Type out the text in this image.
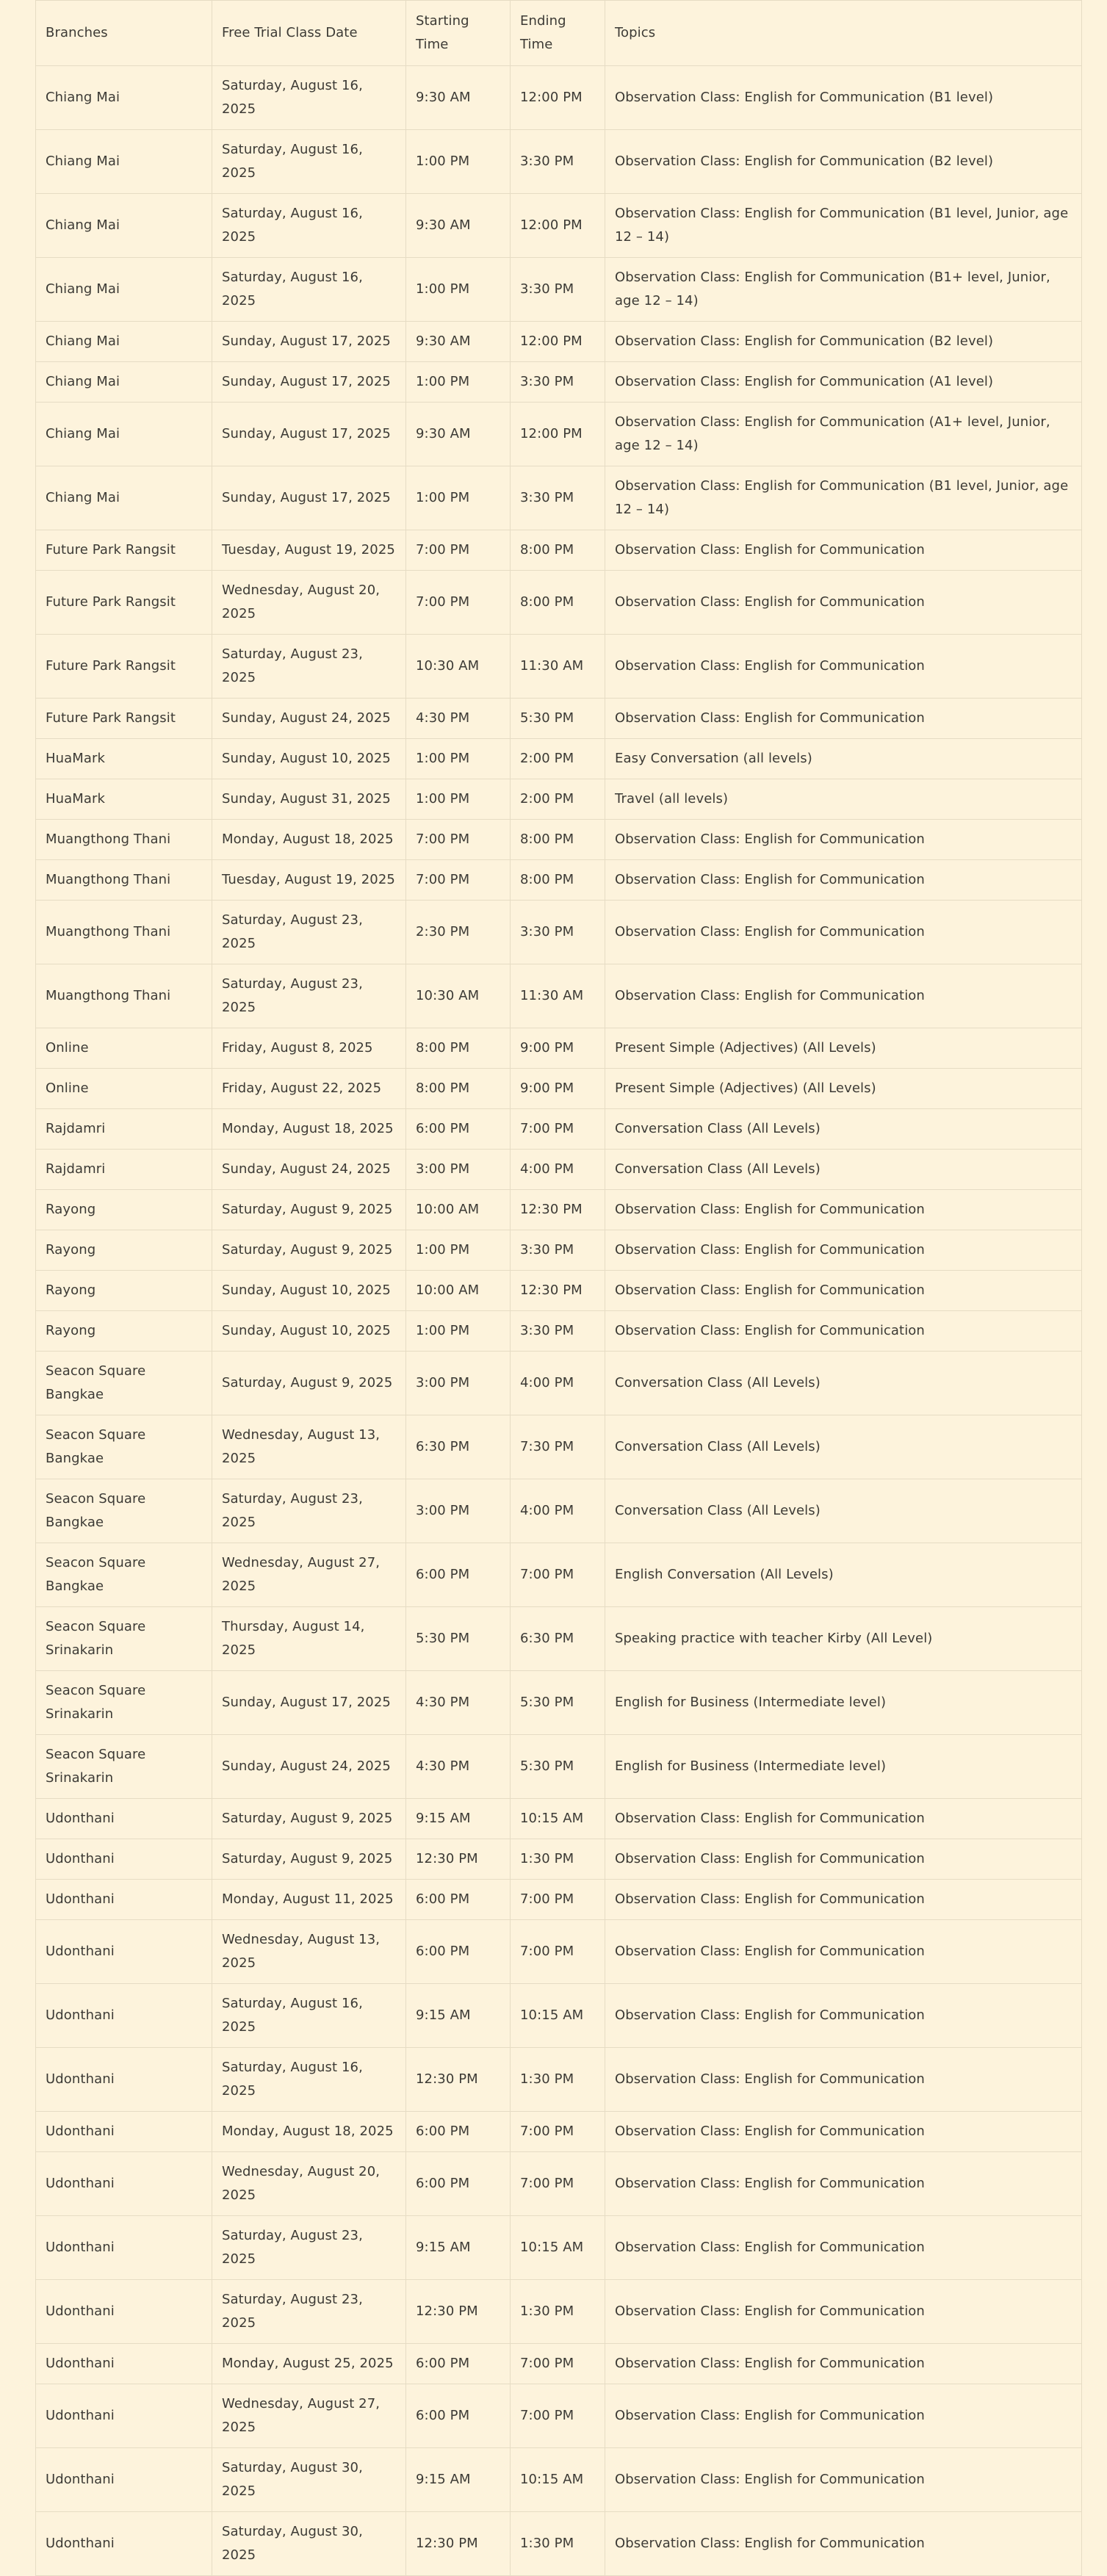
Branches	Free Trial Class Date	Starting Time	Ending Time	Topics
Chiang Mai	Saturday, August 16, 2025	9:30 AM	12:00 PM	Observation Class: English for Communication (B1 level)
Chiang Mai	Saturday, August 16, 2025	1:00 PM	3:30 PM	Observation Class: English for Communication (B2 level)
Chiang Mai	Saturday, August 16, 2025	9:30 AM	12:00 PM	Observation Class: English for Communication (B1 level, Junior, age 12 – 14)
Chiang Mai	Saturday, August 16, 2025	1:00 PM	3:30 PM	Observation Class: English for Communication (B1+ level, Junior, age 12 – 14)
Chiang Mai	Sunday, August 17, 2025	9:30 AM	12:00 PM	Observation Class: English for Communication (B2 level)
Chiang Mai	Sunday, August 17, 2025	1:00 PM	3:30 PM	Observation Class: English for Communication (A1 level)
Chiang Mai	Sunday, August 17, 2025	9:30 AM	12:00 PM	Observation Class: English for Communication (A1+ level, Junior, age 12 – 14)
Chiang Mai	Sunday, August 17, 2025	1:00 PM	3:30 PM	Observation Class: English for Communication (B1 level, Junior, age 12 – 14)
Future Park Rangsit	Tuesday, August 19, 2025	7:00 PM	8:00 PM	Observation Class: English for Communication
Future Park Rangsit	Wednesday, August 20, 2025	7:00 PM	8:00 PM	Observation Class: English for Communication
Future Park Rangsit	Saturday, August 23, 2025	10:30 AM	11:30 AM	Observation Class: English for Communication
Future Park Rangsit	Sunday, August 24, 2025	4:30 PM	5:30 PM	Observation Class: English for Communication
HuaMark	Sunday, August 10, 2025	1:00 PM	2:00 PM	Easy Conversation (all levels)
HuaMark	Sunday, August 31, 2025	1:00 PM	2:00 PM	Travel (all levels)
Muangthong Thani	Monday, August 18, 2025	7:00 PM	8:00 PM	Observation Class: English for Communication
Muangthong Thani	Tuesday, August 19, 2025	7:00 PM	8:00 PM	Observation Class: English for Communication
Muangthong Thani	Saturday, August 23, 2025	2:30 PM	3:30 PM	Observation Class: English for Communication
Muangthong Thani	Saturday, August 23, 2025	10:30 AM	11:30 AM	Observation Class: English for Communication
Online	Friday, August 8, 2025	8:00 PM	9:00 PM	Present Simple (Adjectives) (All Levels)
Online	Friday, August 22, 2025	8:00 PM	9:00 PM	Present Simple (Adjectives) (All Levels)
Rajdamri	Monday, August 18, 2025	6:00 PM	7:00 PM	Conversation Class (All Levels)
Rajdamri	Sunday, August 24, 2025	3:00 PM	4:00 PM	Conversation Class (All Levels)
Rayong	Saturday, August 9, 2025	10:00 AM	12:30 PM	Observation Class: English for Communication
Rayong	Saturday, August 9, 2025	1:00 PM	3:30 PM	Observation Class: English for Communication
Rayong	Sunday, August 10, 2025	10:00 AM	12:30 PM	Observation Class: English for Communication
Rayong	Sunday, August 10, 2025	1:00 PM	3:30 PM	Observation Class: English for Communication
Seacon Square Bangkae	Saturday, August 9, 2025	3:00 PM	4:00 PM	Conversation Class (All Levels)
Seacon Square Bangkae	Wednesday, August 13, 2025	6:30 PM	7:30 PM	Conversation Class (All Levels)
Seacon Square Bangkae	Saturday, August 23, 2025	3:00 PM	4:00 PM	Conversation Class (All Levels)
Seacon Square Bangkae	Wednesday, August 27, 2025	6:00 PM	7:00 PM	English Conversation (All Levels)
Seacon Square Srinakarin	Thursday, August 14, 2025	5:30 PM	6:30 PM	Speaking practice with teacher Kirby (All Level)
Seacon Square Srinakarin	Sunday, August 17, 2025	4:30 PM	5:30 PM	English for Business (Intermediate level)
Seacon Square Srinakarin	Sunday, August 24, 2025	4:30 PM	5:30 PM	English for Business (Intermediate level)
Udonthani	Saturday, August 9, 2025	9:15 AM	10:15 AM	Observation Class: English for Communication
Udonthani	Saturday, August 9, 2025	12:30 PM	1:30 PM	Observation Class: English for Communication
Udonthani	Monday, August 11, 2025	6:00 PM	7:00 PM	Observation Class: English for Communication
Udonthani	Wednesday, August 13, 2025	6:00 PM	7:00 PM	Observation Class: English for Communication
Udonthani	Saturday, August 16, 2025	9:15 AM	10:15 AM	Observation Class: English for Communication
Udonthani	Saturday, August 16, 2025	12:30 PM	1:30 PM	Observation Class: English for Communication
Udonthani	Monday, August 18, 2025	6:00 PM	7:00 PM	Observation Class: English for Communication
Udonthani	Wednesday, August 20, 2025	6:00 PM	7:00 PM	Observation Class: English for Communication
Udonthani	Saturday, August 23, 2025	9:15 AM	10:15 AM	Observation Class: English for Communication
Udonthani	Saturday, August 23, 2025	12:30 PM	1:30 PM	Observation Class: English for Communication
Udonthani	Monday, August 25, 2025	6:00 PM	7:00 PM	Observation Class: English for Communication
Udonthani	Wednesday, August 27, 2025	6:00 PM	7:00 PM	Observation Class: English for Communication
Udonthani	Saturday, August 30, 2025	9:15 AM	10:15 AM	Observation Class: English for Communication
Udonthani	Saturday, August 30, 2025	12:30 PM	1:30 PM	Observation Class: English for Communication
